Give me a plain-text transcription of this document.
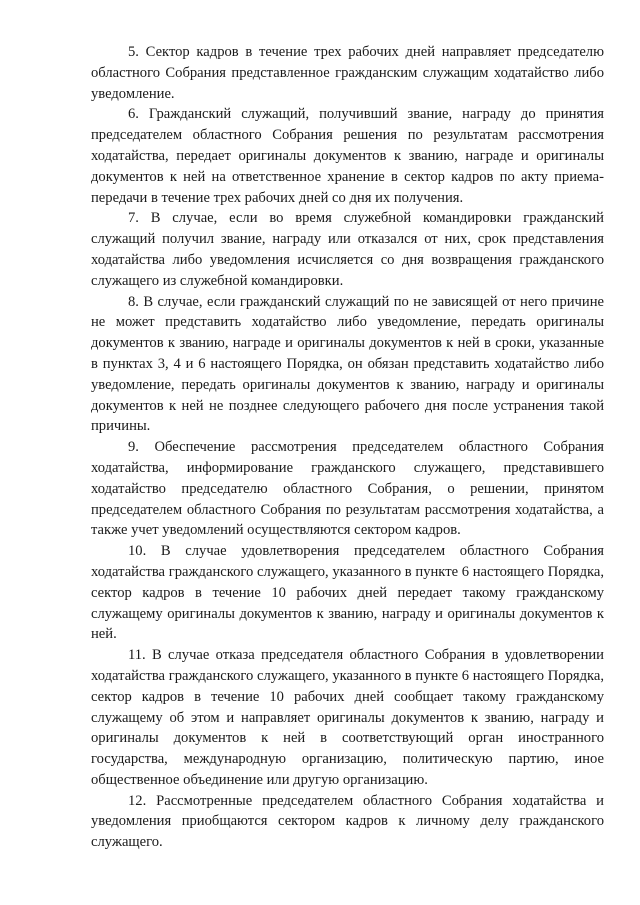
5. Сектор кадров в течение трех рабочих дней направляет председателю областного Собрания представленное гражданским служащим ходатайство либо уведомление.

6. Гражданский служащий, получивший звание, награду до принятия председателем областного Собрания решения по результатам рассмотрения ходатайства, передает оригиналы документов к званию, награде и оригиналы документов к ней на ответственное хранение в сектор кадров по акту приема-передачи в течение трех рабочих дней со дня их получения.

7. В случае, если во время служебной командировки гражданский служащий получил звание, награду или отказался от них, срок представления ходатайства либо уведомления исчисляется со дня возвращения гражданского служащего из служебной командировки.

8. В случае, если гражданский служащий по не зависящей от него причине не может представить ходатайство либо уведомление, передать оригиналы документов к званию, награде и оригиналы документов к ней в сроки, указанные в пунктах 3, 4 и 6 настоящего Порядка, он обязан представить ходатайство либо уведомление, передать оригиналы документов к званию, награду и оригиналы документов к ней не позднее следующего рабочего дня после устранения такой причины.

9. Обеспечение рассмотрения председателем областного Собрания ходатайства, информирование гражданского служащего, представившего ходатайство председателю областного Собрания, о решении, принятом председателем областного Собрания по результатам рассмотрения ходатайства, а также учет уведомлений осуществляются сектором кадров.

10. В случае удовлетворения председателем областного Собрания ходатайства гражданского служащего, указанного в пункте 6 настоящего Порядка, сектор кадров в течение 10 рабочих дней передает такому гражданскому служащему оригиналы документов к званию, награду и оригиналы документов к ней.

11. В случае отказа председателя областного Собрания в удовлетворении ходатайства гражданского служащего, указанного в пункте 6 настоящего Порядка, сектор кадров в течение 10 рабочих дней сообщает такому гражданскому служащему об этом и направляет оригиналы документов к званию, награду и оригиналы документов к ней в соответствующий орган иностранного государства, международную организацию, политическую партию, иное общественное объединение или другую организацию.

12. Рассмотренные председателем областного Собрания ходатайства и уведомления приобщаются сектором кадров к личному делу гражданского служащего.
